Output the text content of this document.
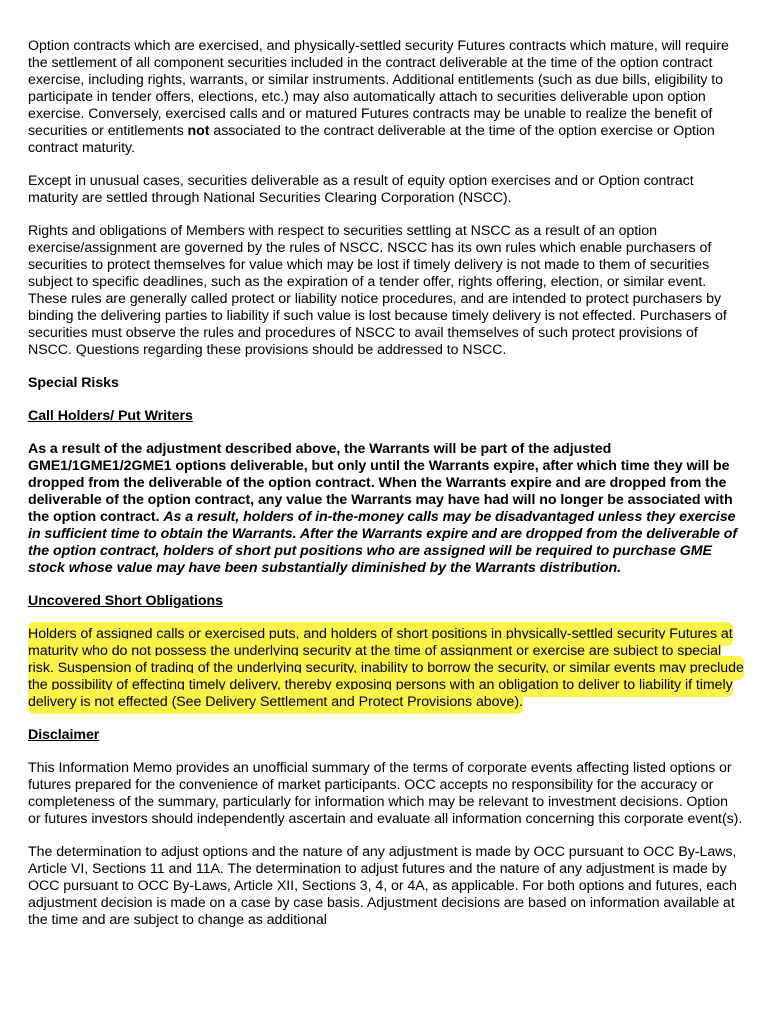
Option contracts which are exercised, and physically-settled security Futures contracts which mature, will require the settlement of all component securities included in the contract deliverable at the time of the option contract exercise, including rights, warrants, or similar instruments. Additional entitlements (such as due bills, eligibility to participate in tender offers, elections, etc.) may also automatically attach to securities deliverable upon option exercise. Conversely, exercised calls and or matured Futures contracts may be unable to realize the benefit of securities or entitlements not associated to the contract deliverable at the time of the option exercise or Option contract maturity.

Except in unusual cases, securities deliverable as a result of equity option exercises and or Option contract maturity are settled through National Securities Clearing Corporation (NSCC).

Rights and obligations of Members with respect to securities settling at NSCC as a result of an option exercise/assignment are governed by the rules of NSCC. NSCC has its own rules which enable purchasers of securities to protect themselves for value which may be lost if timely delivery is not made to them of securities subject to specific deadlines, such as the expiration of a tender offer, rights offering, election, or similar event. These rules are generally called protect or liability notice procedures, and are intended to protect purchasers by binding the delivering parties to liability if such value is lost because timely delivery is not effected. Purchasers of securities must observe the rules and procedures of NSCC to avail themselves of such protect provisions of NSCC. Questions regarding these provisions should be addressed to NSCC.

Special Risks

Call Holders/ Put Writers

As a result of the adjustment described above, the Warrants will be part of the adjusted GME1/1GME1/2GME1 options deliverable, but only until the Warrants expire, after which time they will be dropped from the deliverable of the option contract. When the Warrants expire and are dropped from the deliverable of the option contract, any value the Warrants may have had will no longer be associated with the option contract. As a result, holders of in-the-money calls may be disadvantaged unless they exercise in sufficient time to obtain the Warrants. After the Warrants expire and are dropped from the deliverable of the option contract, holders of short put positions who are assigned will be required to purchase GME stock whose value may have been substantially diminished by the Warrants distribution.

Uncovered Short Obligations

Holders of assigned calls or exercised puts, and holders of short positions in physically-settled security Futures at maturity who do not possess the underlying security at the time of assignment or exercise are subject to special risk. Suspension of trading of the underlying security, inability to borrow the security, or similar events may preclude the possibility of effecting timely delivery, thereby exposing persons with an obligation to deliver to liability if timely delivery is not effected (See Delivery Settlement and Protect Provisions above).

Disclaimer

This Information Memo provides an unofficial summary of the terms of corporate events affecting listed options or futures prepared for the convenience of market participants. OCC accepts no responsibility for the accuracy or completeness of the summary, particularly for information which may be relevant to investment decisions. Option or futures investors should independently ascertain and evaluate all information concerning this corporate event(s).

The determination to adjust options and the nature of any adjustment is made by OCC pursuant to OCC By-Laws, Article VI, Sections 11 and 11A. The determination to adjust futures and the nature of any adjustment is made by OCC pursuant to OCC By-Laws, Article XII, Sections 3, 4, or 4A, as applicable. For both options and futures, each adjustment decision is made on a case by case basis. Adjustment decisions are based on information available at the time and are subject to change as additional
